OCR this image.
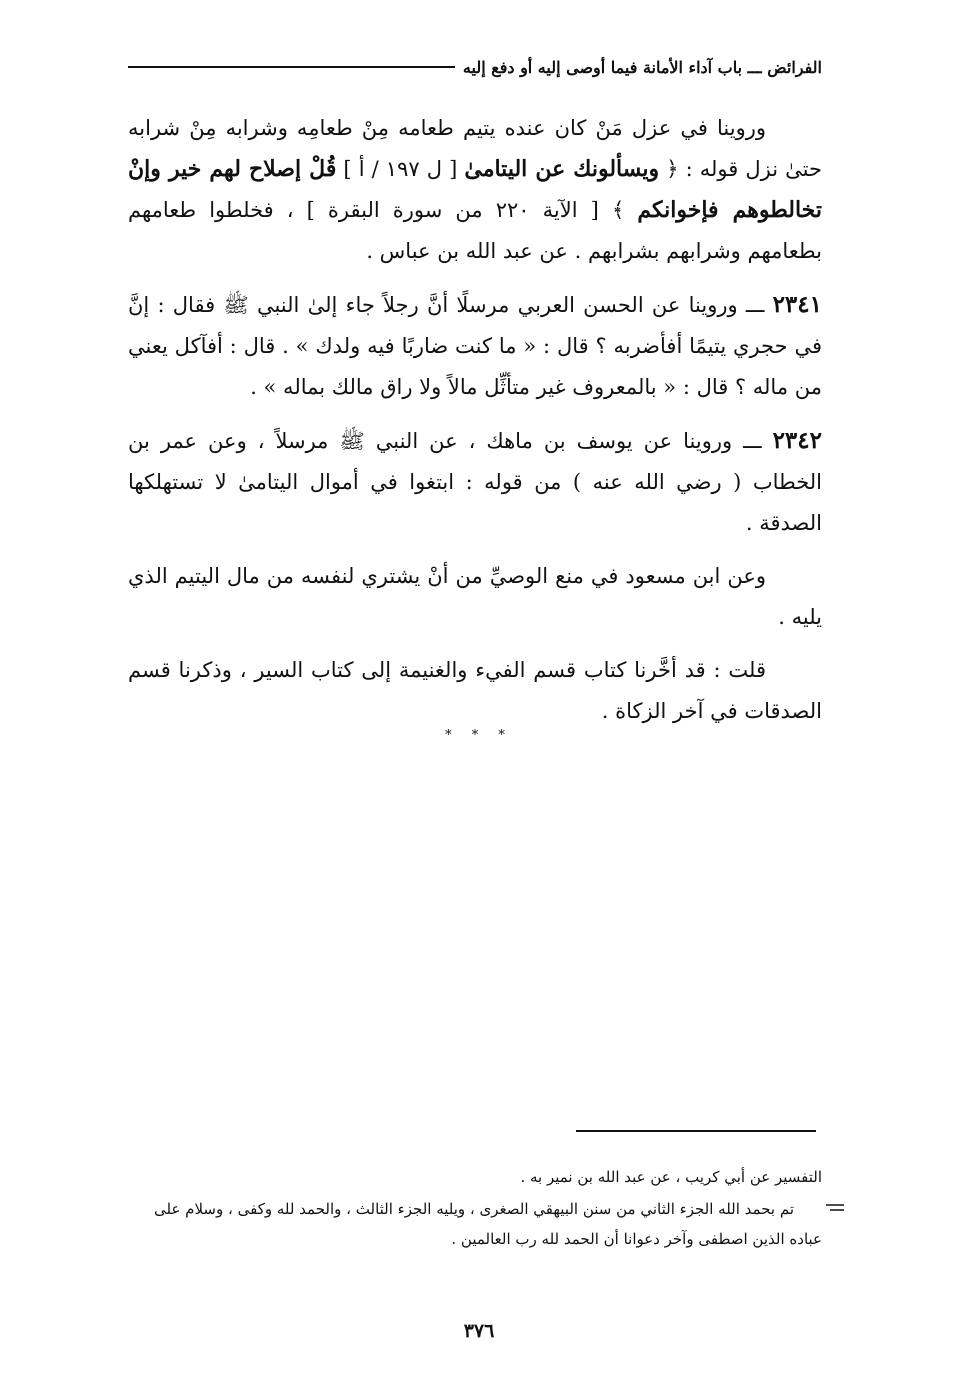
الفرائض ـــ باب آداء الأمانة فيما أوصى إليه أو دفع إليه

وروينا في عزل مَنْ كان عنده يتيم طعامه مِنْ طعامِه وشرابه مِنْ شرابه حتىٰ نزل قوله : ﴿ ويسألونك عن اليتامىٰ [ ل ١٩٧ / أ ] قُلْ إصلاح لهم خير وإنْ تخالطوهم فإخوانكم ﴾ [ الآية ٢٢٠ من سورة البقرة ] ، فخلطوا طعامهم بطعامهم وشرابهم بشرابهم . عن عبد الله بن عباس .

٢٣٤١ ـــ وروينا عن الحسن العربي مرسلًا أنَّ رجلاً جاء إلىٰ النبي ﷺ فقال : إنَّ في حجري يتيمًا أفأضربه ؟ قال : « ما كنت ضاربًا فيه ولدك » . قال : أفآكل يعني من ماله ؟ قال : « بالمعروف غير متأثِّل مالاً ولا راق مالك بماله » .

٢٣٤٢ ـــ وروينا عن يوسف بن ماهك ، عن النبي ﷺ مرسلاً ، وعن عمر بن الخطاب ( رضي الله عنه ) من قوله : ابتغوا في أموال اليتامىٰ لا تستهلكها الصدقة .

وعن ابن مسعود في منع الوصيِّ من أنْ يشتري لنفسه من مال اليتيم الذي يليه .

قلت : قد أخَّرنا كتاب قسم الفيء والغنيمة إلى كتاب السير ، وذكرنا قسم الصدقات في آخر الزكاة .

* * *

التفسير عن أبي كريب ، عن عبد الله بن نمير به .

تم بحمد الله الجزء الثاني من سنن البيهقي الصغرى ، ويليه الجزء الثالث ، والحمد لله وكفى ، وسلام على عباده الذين اصطفى وآخر دعوانا أن الحمد لله رب العالمين .

٣٧٦
